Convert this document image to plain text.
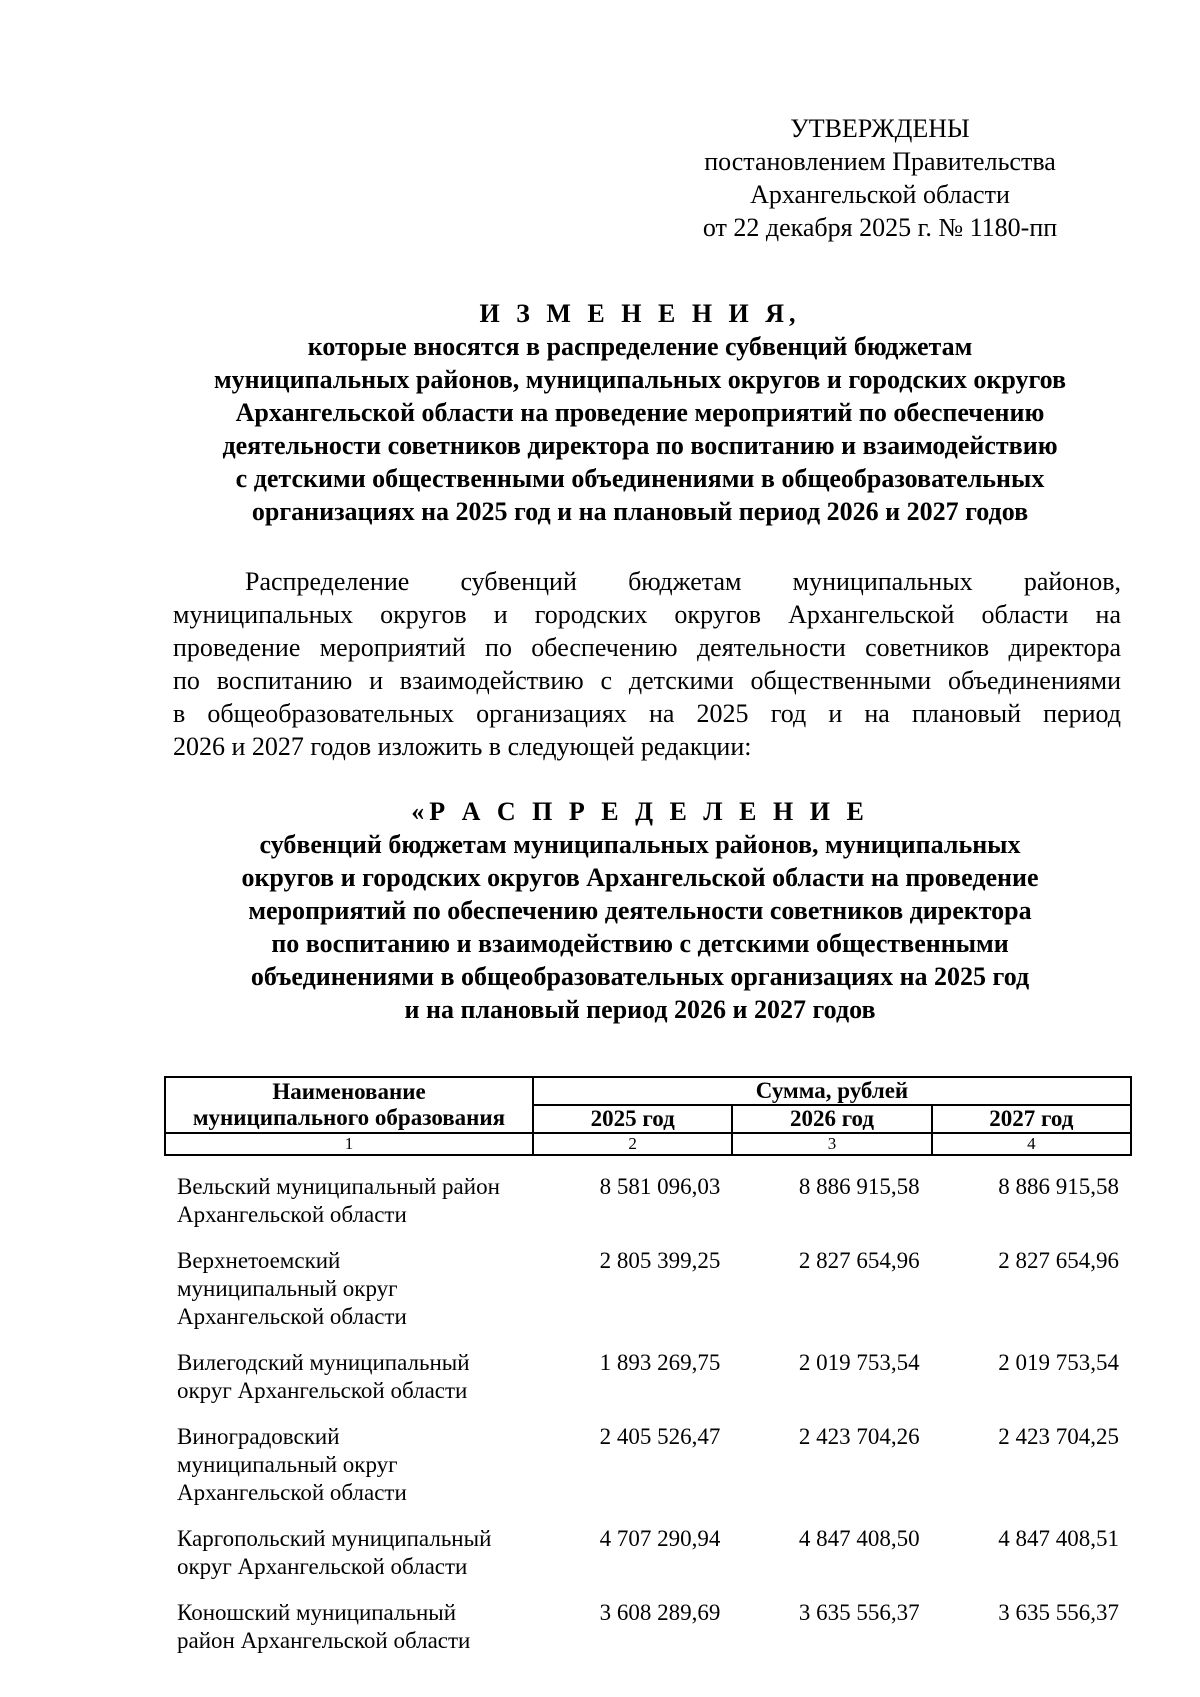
УТВЕРЖДЕНЫ
постановлением Правительства
Архангельской области
от 22 декабря 2025 г. № 1180-пп
И З М Е Н Е Н И Я,
которые вносятся в распределение субвенций бюджетам
муниципальных районов, муниципальных округов и городских округов
Архангельской области на проведение мероприятий по обеспечению
деятельности советников директора по воспитанию и взаимодействию
с детскими общественными объединениями в общеобразовательных
организациях на 2025 год и на плановый период 2026 и 2027 годов
Распределение субвенций бюджетам муниципальных районов,
муниципальных округов и городских округов Архангельской области на
проведение мероприятий по обеспечению деятельности советников директора
по воспитанию и взаимодействию с детскими общественными объединениями
в общеобразовательных организациях на 2025 год и на плановый период
2026 и 2027 годов изложить в следующей редакции:
«Р А С П Р Е Д Е Л Е Н И Е
субвенций бюджетам муниципальных районов, муниципальных
округов и городских округов Архангельской области на проведение
мероприятий по обеспечению деятельности советников директора
по воспитанию и взаимодействию с детскими общественными
объединениями в общеобразовательных организациях на 2025 год
и на плановый период 2026 и 2027 годов
Наименование
муниципального образования	Сумма, рублей		
	2025 год	2026 год	2027 год
1	2	3	4

Вельский муниципальный район
Архангельской области	8 581 096,03	8 886 915,58	8 886 915,58

Верхнетоемский
муниципальный округ
Архангельской области	2 805 399,25	2 827 654,96	2 827 654,96

Вилегодский муниципальный
округ Архангельской области	1 893 269,75	2 019 753,54	2 019 753,54

Виноградовский
муниципальный округ
Архангельской области	2 405 526,47	2 423 704,26	2 423 704,25

Каргопольский муниципальный
округ Архангельской области	4 707 290,94	4 847 408,50	4 847 408,51

Коношский муниципальный
район Архангельской области	3 608 289,69	3 635 556,37	3 635 556,37
